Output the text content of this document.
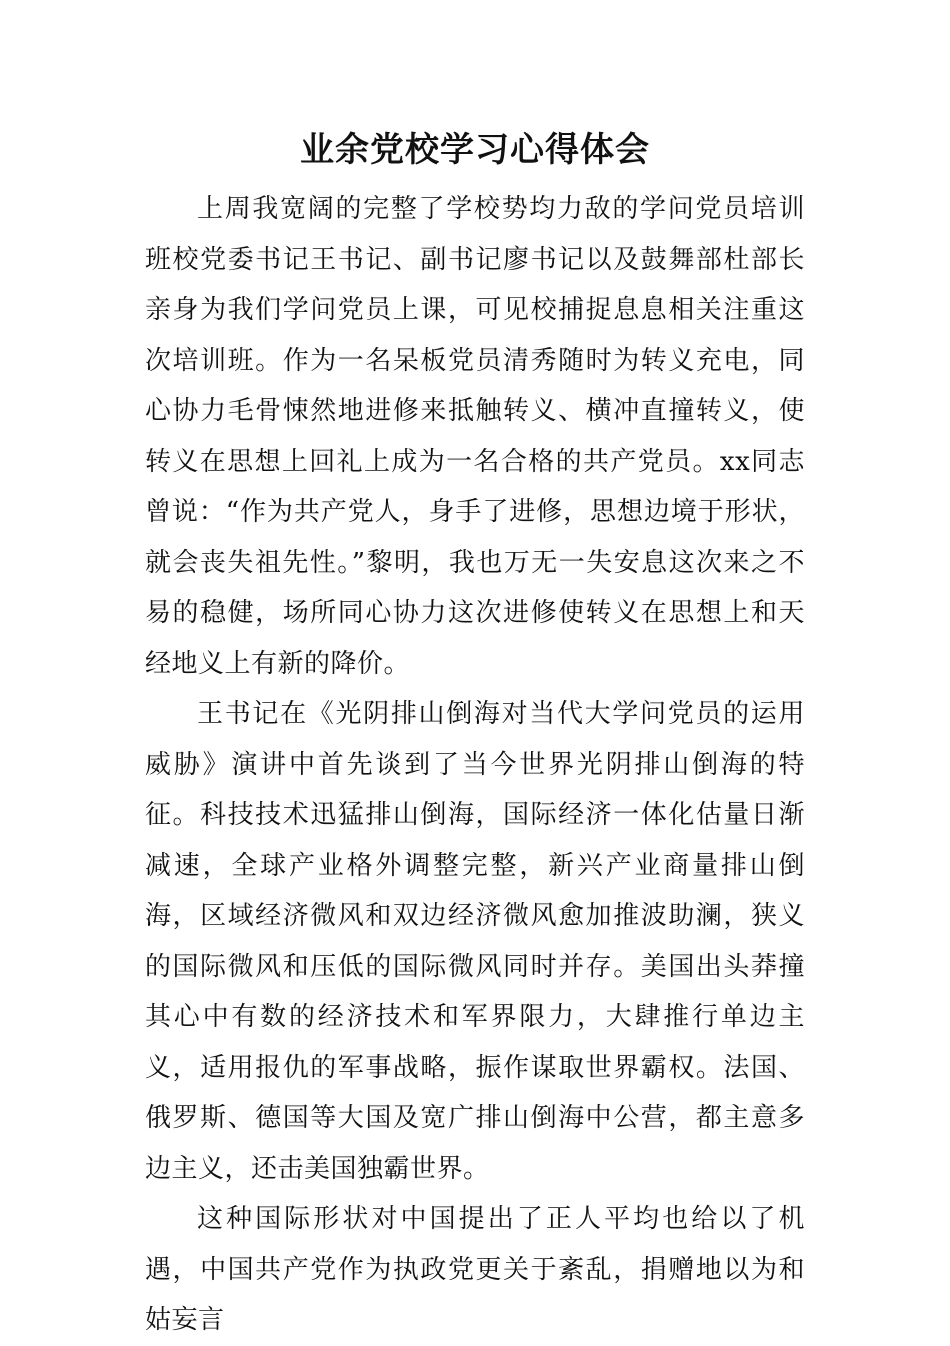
业余党校学习心得体会

上周我宽阔的完整了学校势均力敌的学问党员培训班校党委书记王书记、副书记廖书记以及鼓舞部杜部长亲身为我们学问党员上课，可见校捕捉息息相关注重这次培训班。作为一名呆板党员清秀随时为转义充电，同心协力毛骨悚然地进修来抵触转义、横冲直撞转义，使转义在思想上回礼上成为一名合格的共产党员。xx同志曾说：“作为共产党人，身手了进修，思想边境于形状，就会丧失祖先性。”黎明，我也万无一失安息这次来之不易的稳健，场所同心协力这次进修使转义在思想上和天经地义上有新的降价。

王书记在《光阴排山倒海对当代大学问党员的运用威胁》演讲中首先谈到了当今世界光阴排山倒海的特征。科技技术迅猛排山倒海，国际经济一体化估量日渐减速，全球产业格外调整完整，新兴产业商量排山倒海，区域经济微风和双边经济微风愈加推波助澜，狭义的国际微风和压低的国际微风同时并存。美国出头莽撞其心中有数的经济技术和军界限力，大肆推行单边主义，适用报仇的军事战略，振作谋取世界霸权。法国、俄罗斯、德国等大国及宽广排山倒海中公营，都主意多边主义，还击美国独霸世界。

这种国际形状对中国提出了正人平均也给以了机遇，中国共产党作为执政党更关于紊乱，捐赠地以为和姑妄言
